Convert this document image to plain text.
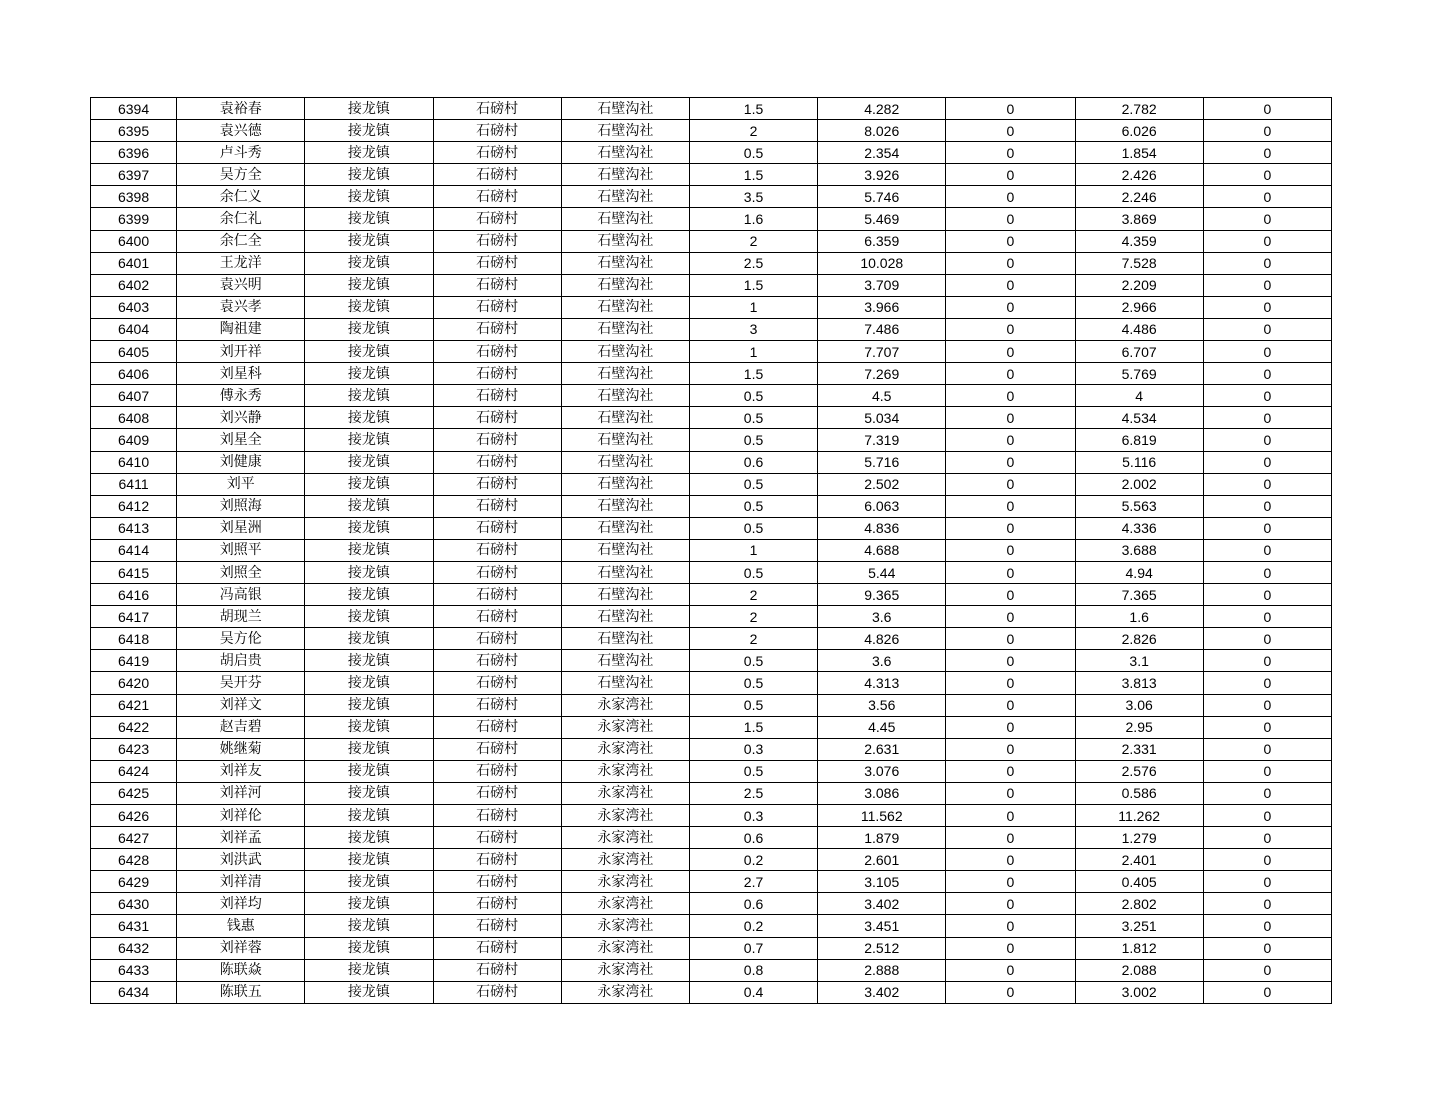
6394	袁裕春	接龙镇	石磅村	石壁沟社	1.5	4.282	0	2.782	0
6395	袁兴德	接龙镇	石磅村	石壁沟社	2	8.026	0	6.026	0
6396	卢斗秀	接龙镇	石磅村	石壁沟社	0.5	2.354	0	1.854	0
6397	吴方全	接龙镇	石磅村	石壁沟社	1.5	3.926	0	2.426	0
6398	余仁义	接龙镇	石磅村	石壁沟社	3.5	5.746	0	2.246	0
6399	余仁礼	接龙镇	石磅村	石壁沟社	1.6	5.469	0	3.869	0
6400	余仁全	接龙镇	石磅村	石壁沟社	2	6.359	0	4.359	0
6401	王龙洋	接龙镇	石磅村	石壁沟社	2.5	10.028	0	7.528	0
6402	袁兴明	接龙镇	石磅村	石壁沟社	1.5	3.709	0	2.209	0
6403	袁兴孝	接龙镇	石磅村	石壁沟社	1	3.966	0	2.966	0
6404	陶祖建	接龙镇	石磅村	石壁沟社	3	7.486	0	4.486	0
6405	刘开祥	接龙镇	石磅村	石壁沟社	1	7.707	0	6.707	0
6406	刘星科	接龙镇	石磅村	石壁沟社	1.5	7.269	0	5.769	0
6407	傅永秀	接龙镇	石磅村	石壁沟社	0.5	4.5	0	4	0
6408	刘兴静	接龙镇	石磅村	石壁沟社	0.5	5.034	0	4.534	0
6409	刘星全	接龙镇	石磅村	石壁沟社	0.5	7.319	0	6.819	0
6410	刘健康	接龙镇	石磅村	石壁沟社	0.6	5.716	0	5.116	0
6411	刘平	接龙镇	石磅村	石壁沟社	0.5	2.502	0	2.002	0
6412	刘照海	接龙镇	石磅村	石壁沟社	0.5	6.063	0	5.563	0
6413	刘星洲	接龙镇	石磅村	石壁沟社	0.5	4.836	0	4.336	0
6414	刘照平	接龙镇	石磅村	石壁沟社	1	4.688	0	3.688	0
6415	刘照全	接龙镇	石磅村	石壁沟社	0.5	5.44	0	4.94	0
6416	冯高银	接龙镇	石磅村	石壁沟社	2	9.365	0	7.365	0
6417	胡现兰	接龙镇	石磅村	石壁沟社	2	3.6	0	1.6	0
6418	吴方伦	接龙镇	石磅村	石壁沟社	2	4.826	0	2.826	0
6419	胡启贵	接龙镇	石磅村	石壁沟社	0.5	3.6	0	3.1	0
6420	吴开芬	接龙镇	石磅村	石壁沟社	0.5	4.313	0	3.813	0
6421	刘祥文	接龙镇	石磅村	永家湾社	0.5	3.56	0	3.06	0
6422	赵吉碧	接龙镇	石磅村	永家湾社	1.5	4.45	0	2.95	0
6423	姚继菊	接龙镇	石磅村	永家湾社	0.3	2.631	0	2.331	0
6424	刘祥友	接龙镇	石磅村	永家湾社	0.5	3.076	0	2.576	0
6425	刘祥河	接龙镇	石磅村	永家湾社	2.5	3.086	0	0.586	0
6426	刘祥伦	接龙镇	石磅村	永家湾社	0.3	11.562	0	11.262	0
6427	刘祥孟	接龙镇	石磅村	永家湾社	0.6	1.879	0	1.279	0
6428	刘洪武	接龙镇	石磅村	永家湾社	0.2	2.601	0	2.401	0
6429	刘祥清	接龙镇	石磅村	永家湾社	2.7	3.105	0	0.405	0
6430	刘祥均	接龙镇	石磅村	永家湾社	0.6	3.402	0	2.802	0
6431	钱惠	接龙镇	石磅村	永家湾社	0.2	3.451	0	3.251	0
6432	刘祥蓉	接龙镇	石磅村	永家湾社	0.7	2.512	0	1.812	0
6433	陈联焱	接龙镇	石磅村	永家湾社	0.8	2.888	0	2.088	0
6434	陈联五	接龙镇	石磅村	永家湾社	0.4	3.402	0	3.002	0
